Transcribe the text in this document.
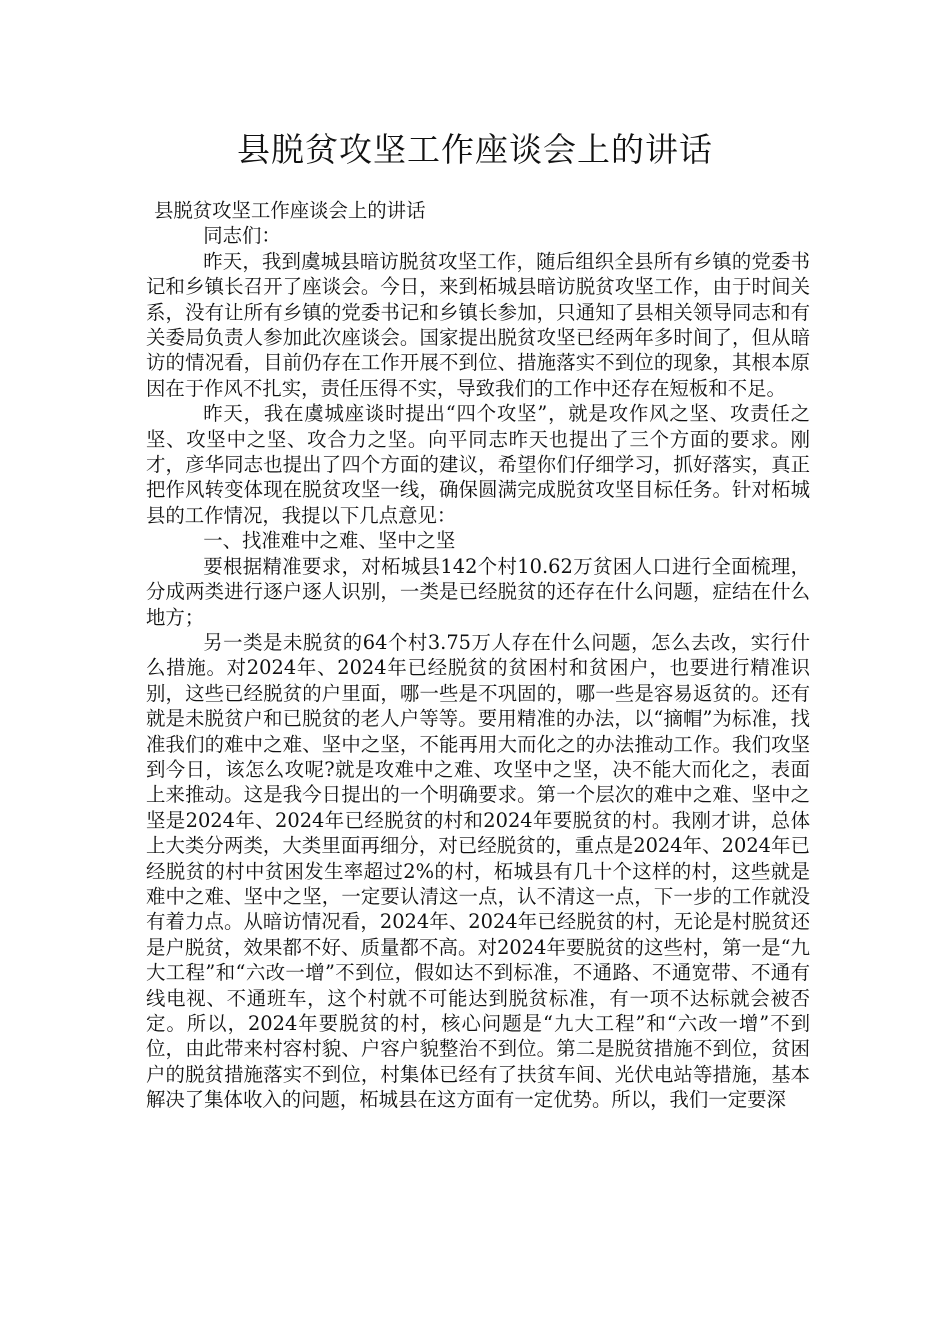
县脱贫攻坚工作座谈会上的讲话

县脱贫攻坚工作座谈会上的讲话

同志们：

昨天，我到虞城县暗访脱贫攻坚工作，随后组织全县所有乡镇的党委书记和乡镇长召开了座谈会。今日，来到柘城县暗访脱贫攻坚工作，由于时间关系，没有让所有乡镇的党委书记和乡镇长参加，只通知了县相关领导同志和有关委局负责人参加此次座谈会。国家提出脱贫攻坚已经两年多时间了，但从暗访的情况看，目前仍存在工作开展不到位、措施落实不到位的现象，其根本原因在于作风不扎实，责任压得不实，导致我们的工作中还存在短板和不足。

昨天，我在虞城座谈时提出“四个攻坚”，就是攻作风之坚、攻责任之坚、攻坚中之坚、攻合力之坚。向平同志昨天也提出了三个方面的要求。刚才，彦华同志也提出了四个方面的建议，希望你们仔细学习，抓好落实，真正把作风转变体现在脱贫攻坚一线，确保圆满完成脱贫攻坚目标任务。针对柘城县的工作情况，我提以下几点意见：

一、找准难中之难、坚中之坚

要根据精准要求，对柘城县142个村10.62万贫困人口进行全面梳理，分成两类进行逐户逐人识别，一类是已经脱贫的还存在什么问题，症结在什么地方；

另一类是未脱贫的64个村3.75万人存在什么问题，怎么去改，实行什么措施。对2024年、2024年已经脱贫的贫困村和贫困户，也要进行精准识别，这些已经脱贫的户里面，哪一些是不巩固的，哪一些是容易返贫的。还有就是未脱贫户和已脱贫的老人户等等。要用精准的办法，以“摘帽”为标准，找准我们的难中之难、坚中之坚，不能再用大而化之的办法推动工作。我们攻坚到今日，该怎么攻呢?就是攻难中之难、攻坚中之坚，决不能大而化之，表面上来推动。这是我今日提出的一个明确要求。第一个层次的难中之难、坚中之坚是2024年、2024年已经脱贫的村和2024年要脱贫的村。我刚才讲，总体上大类分两类，大类里面再细分，对已经脱贫的，重点是2024年、2024年已经脱贫的村中贫困发生率超过2%的村，柘城县有几十个这样的村，这些就是难中之难、坚中之坚，一定要认清这一点，认不清这一点，下一步的工作就没有着力点。从暗访情况看，2024年、2024年已经脱贫的村，无论是村脱贫还是户脱贫，效果都不好、质量都不高。对2024年要脱贫的这些村，第一是“九大工程”和“六改一增”不到位，假如达不到标准，不通路、不通宽带、不通有线电视、不通班车，这个村就不可能达到脱贫标准，有一项不达标就会被否定。所以，2024年要脱贫的村，核心问题是“九大工程”和“六改一增”不到位，由此带来村容村貌、户容户貌整治不到位。第二是脱贫措施不到位，贫困户的脱贫措施落实不到位，村集体已经有了扶贫车间、光伏电站等措施，基本解决了集体收入的问题，柘城县在这方面有一定优势。所以，我们一定要深
